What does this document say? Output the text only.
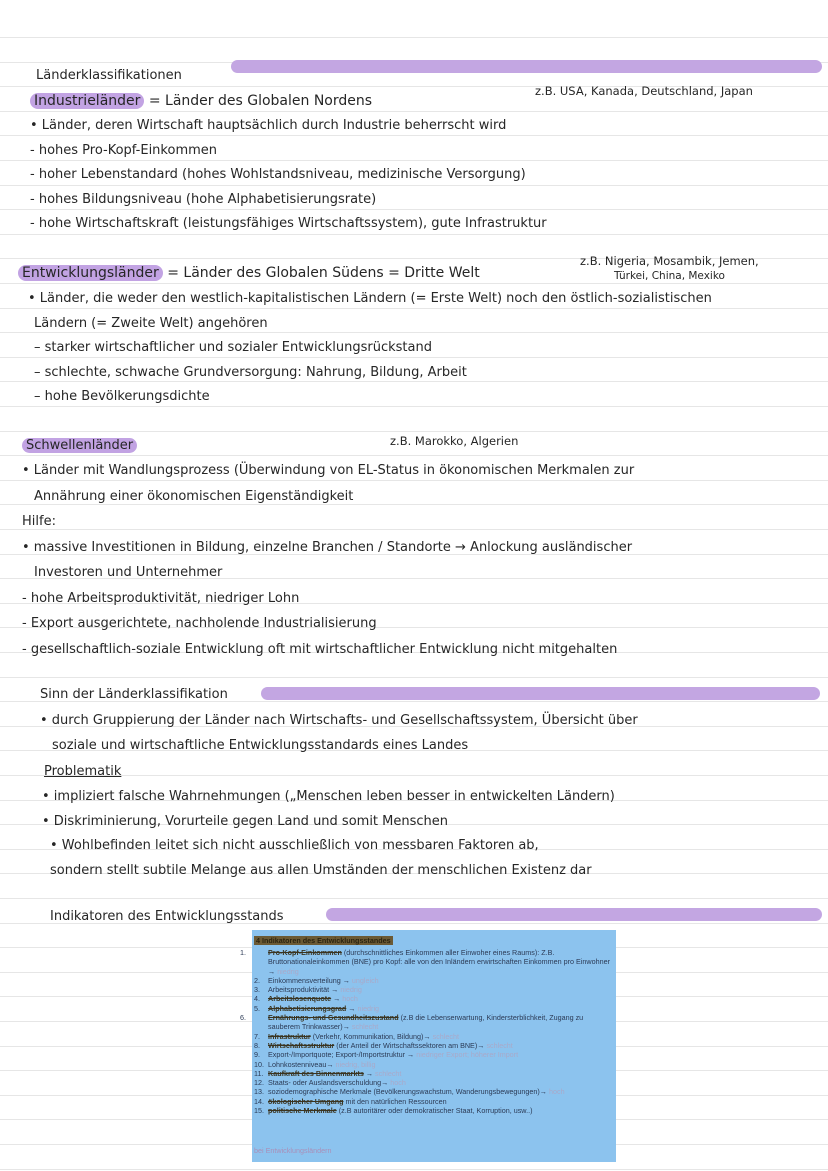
Länderklassifikationen
Industrieländer = Länder des Globalen Nordens
z.B. USA, Kanada, Deutschland, Japan
• Länder, deren Wirtschaft hauptsächlich durch Industrie beherrscht wird
- hohes Pro-Kopf-Einkommen
- hoher Lebenstandard (hohes Wohlstandsniveau, medizinische Versorgung)
- hohes Bildungsniveau (hohe Alphabetisierungsrate)
- hohe Wirtschaftskraft (leistungsfähiges Wirtschaftssystem), gute Infrastruktur
Entwicklungsländer = Länder des Globalen Südens = Dritte Welt
z.B. Nigeria, Mosambik, Jemen,
Türkei, China, Mexiko
• Länder, die weder den westlich-kapitalistischen Ländern (= Erste Welt) noch den östlich-sozialistischen
Ländern (= Zweite Welt) angehören
– starker wirtschaftlicher und sozialer Entwicklungsrückstand
– schlechte, schwache Grundversorgung: Nahrung, Bildung, Arbeit
– hohe Bevölkerungsdichte
Schwellenländer	z.B. Marokko, Algerien
• Länder mit Wandlungsprozess (Überwindung von EL-Status in ökonomischen Merkmalen zur
Annährung einer ökonomischen Eigenständigkeit
Hilfe:
• massive Investitionen in Bildung, einzelne Branchen / Standorte → Anlockung ausländischer
Investoren und Unternehmer
- hohe Arbeitsproduktivität, niedriger Lohn
- Export ausgerichtete, nachholende Industrialisierung
- gesellschaftlich-soziale Entwicklung oft mit wirtschaftlicher Entwicklung nicht mitgehalten
Sinn der Länderklassifikation
• durch Gruppierung der Länder nach Wirtschafts- und Gesellschaftssystem, Übersicht über
soziale und wirtschaftliche Entwicklungsstandards eines Landes
Problematik
• impliziert falsche Wahrnehmungen („Menschen leben besser in entwickelten Ländern)
• Diskriminierung, Vorurteile gegen Land und somit Menschen
• Wohlbefinden leitet sich nicht ausschließlich von messbaren Faktoren ab,
sondern stellt subtile Melange aus allen Umständen der menschlichen Existenz dar
Indikatoren des Entwicklungsstands
4 Indikatoren des Entwicklungsstandes
1.	Pro-Kopf-Einkommen (durchschnittliches Einkommen aller Einwoher eines Raums): Z.B. Bruttonationaleinkommen (BNE) pro Kopf: alle von den Inländern erwirtschaften Einkommen pro Einwohner → niedrig
2. Einkommensverteilung → ungleich
3. Arbeitsproduktivität → niedrig
4. Arbeitslosenquote → hoch
5. Alphabetisierungsgrad → niedrig
6.	Ernährungs- und Gesundheitszustand (z.B die Lebenserwartung, Kindersterblichkeit, Zugang zu sauberem Trinkwasser)→ schlecht
7. Infrastruktur (Verkehr, Kommunikation, Bildung)→ schlecht
8. Wirtschaftsstruktur (der Anteil der Wirtschaftssektoren am BNE)→ schlecht
9. Export-/Importquote; Export-/Importstruktur → niedriger Export; höherer Import
10. Lohnkostenniveau→ niedrig, billig
11. Kaufkraft des Binnenmarkts → schlecht
12. Staats- oder Auslandsverschuldung→ hoch
13. soziodemographische Merkmale (Bevölkerungswachstum, Wanderungsbewegungen)→ hoch
14. ökologischer Umgang mit den natürlichen Ressourcen
15. politische Merkmale (z.B autoritärer oder demokratischer Staat, Korruption, usw..)
bei Entwicklungsländern
